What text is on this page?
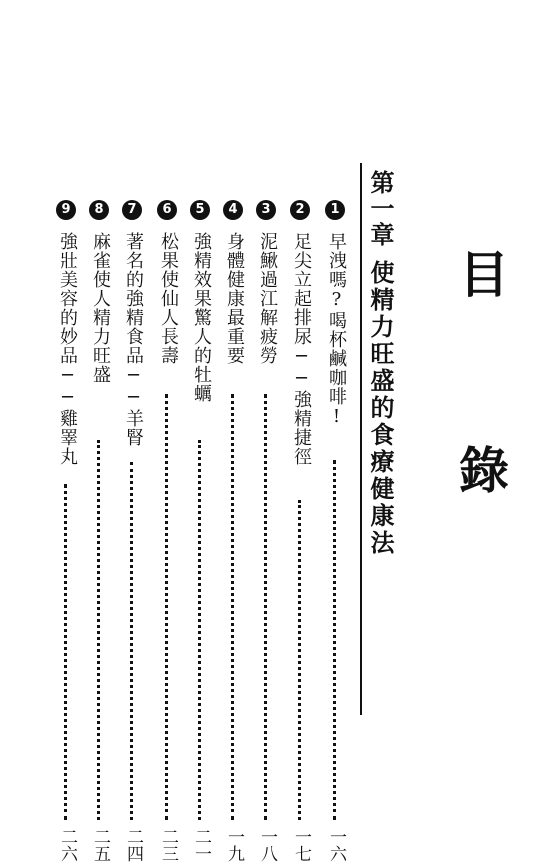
目 錄
第一章
使精力旺盛的食療健康法
1
早洩嗎?喝杯鹹咖啡!
一六
2
足尖立起排尿──強精捷徑
一七
3
泥鰍過江解疲勞
一八
4
身體健康最重要
一九
5
強精效果驚人的牡蠣
二一
6
松果使仙人長壽
二三
7
著名的強精食品──羊腎
二四
8
麻雀使人精力旺盛
二五
9
強壯美容的妙品──雞睪丸
二六
